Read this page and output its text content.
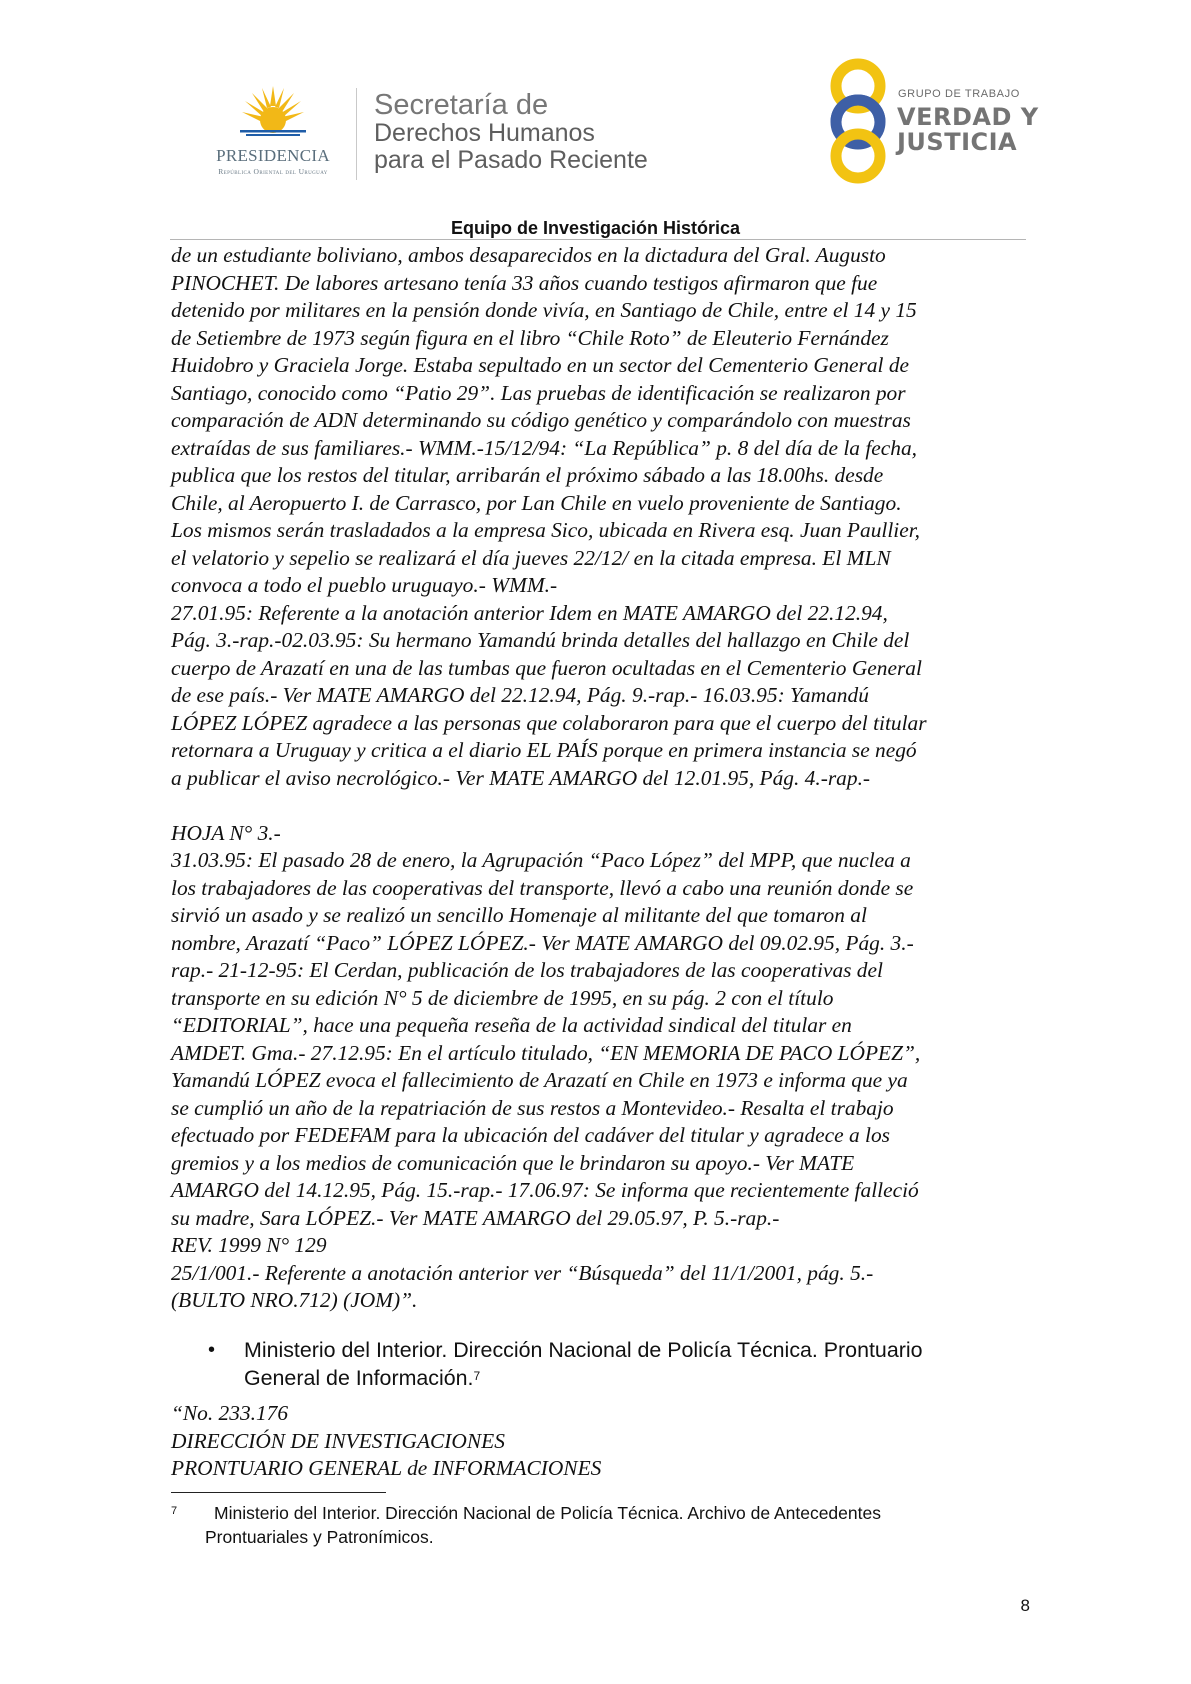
PRESIDENCIA
República Oriental del Uruguay
Secretaría de
Derechos Humanos
para el Pasado Reciente
GRUPO DE TRABAJO
VERDAD Y
JUSTICIA
Equipo de Investigación Histórica

de un estudiante boliviano, ambos desaparecidos en la dictadura del Gral. Augusto

PINOCHET. De labores artesano tenía 33 años cuando testigos afirmaron que fue

detenido por militares en la pensión donde vivía, en Santiago de Chile, entre el 14 y 15

de Setiembre de 1973 según figura en el libro “Chile Roto” de Eleuterio Fernández

Huidobro y Graciela Jorge. Estaba sepultado en un sector del Cementerio General de

Santiago, conocido como “Patio 29”. Las pruebas de identificación se realizaron por

comparación de ADN determinando su código genético y comparándolo con muestras

extraídas de sus familiares.- WMM.-15/12/94: “La República” p. 8 del día de la fecha,

publica que los restos del titular, arribarán el próximo sábado a las 18.00hs. desde

Chile, al Aeropuerto I. de Carrasco, por Lan Chile en vuelo proveniente de Santiago.

Los mismos serán trasladados a la empresa Sico, ubicada en Rivera esq. Juan Paullier,

el velatorio y sepelio se realizará el día jueves 22/12/ en la citada empresa. El MLN

convoca a todo el pueblo uruguayo.- WMM.-

27.01.95: Referente a la anotación anterior Idem en MATE AMARGO del 22.12.94,

Pág. 3.-rap.-02.03.95: Su hermano Yamandú brinda detalles del hallazgo en Chile del

cuerpo de Arazatí en una de las tumbas que fueron ocultadas en el Cementerio General

de ese país.- Ver MATE AMARGO del 22.12.94, Pág. 9.-rap.- 16.03.95: Yamandú

LÓPEZ LÓPEZ agradece a las personas que colaboraron para que el cuerpo del titular

retornara a Uruguay y critica a el diario EL PAÍS porque en primera instancia se negó

a publicar el aviso necrológico.- Ver MATE AMARGO del 12.01.95, Pág. 4.-rap.-

HOJA N° 3.-

31.03.95: El pasado 28 de enero, la Agrupación “Paco López” del MPP, que nuclea a

los trabajadores de las cooperativas del transporte, llevó a cabo una reunión donde se

sirvió un asado y se realizó un sencillo Homenaje al militante del que tomaron al

nombre, Arazatí “Paco” LÓPEZ LÓPEZ.- Ver MATE AMARGO del 09.02.95, Pág. 3.-

rap.- 21-12-95: El Cerdan, publicación de los trabajadores de las cooperativas del

transporte en su edición N° 5 de diciembre de 1995, en su pág. 2 con el título

“EDITORIAL”, hace una pequeña reseña de la actividad sindical del titular en

AMDET. Gma.- 27.12.95: En el artículo titulado, “EN MEMORIA DE PACO LÓPEZ”,

Yamandú LÓPEZ evoca el fallecimiento de Arazatí en Chile en 1973 e informa que ya

se cumplió un año de la repatriación de sus restos a Montevideo.- Resalta el trabajo

efectuado por FEDEFAM para la ubicación del cadáver del titular y agradece a los

gremios y a los medios de comunicación que le brindaron su apoyo.- Ver MATE

AMARGO del 14.12.95, Pág. 15.-rap.- 17.06.97: Se informa que recientemente falleció

su madre, Sara LÓPEZ.- Ver MATE AMARGO del 29.05.97, P. 5.-rap.-

REV. 1999 N° 129

25/1/001.- Referente a anotación anterior ver “Búsqueda” del 11/1/2001, pág. 5.-

(BULTO NRO.712) (JOM)”.

• Ministerio del Interior. Dirección Nacional de Policía Técnica. Prontuario
General de Información.$^7$

“No. 233.176

DIRECCIÓN DE INVESTIGACIONES

PRONTUARIO GENERAL de INFORMACIONES

7 Ministerio del Interior. Dirección Nacional de Policía Técnica. Archivo de Antecedentes
Prontuariales y Patronímicos.
8
